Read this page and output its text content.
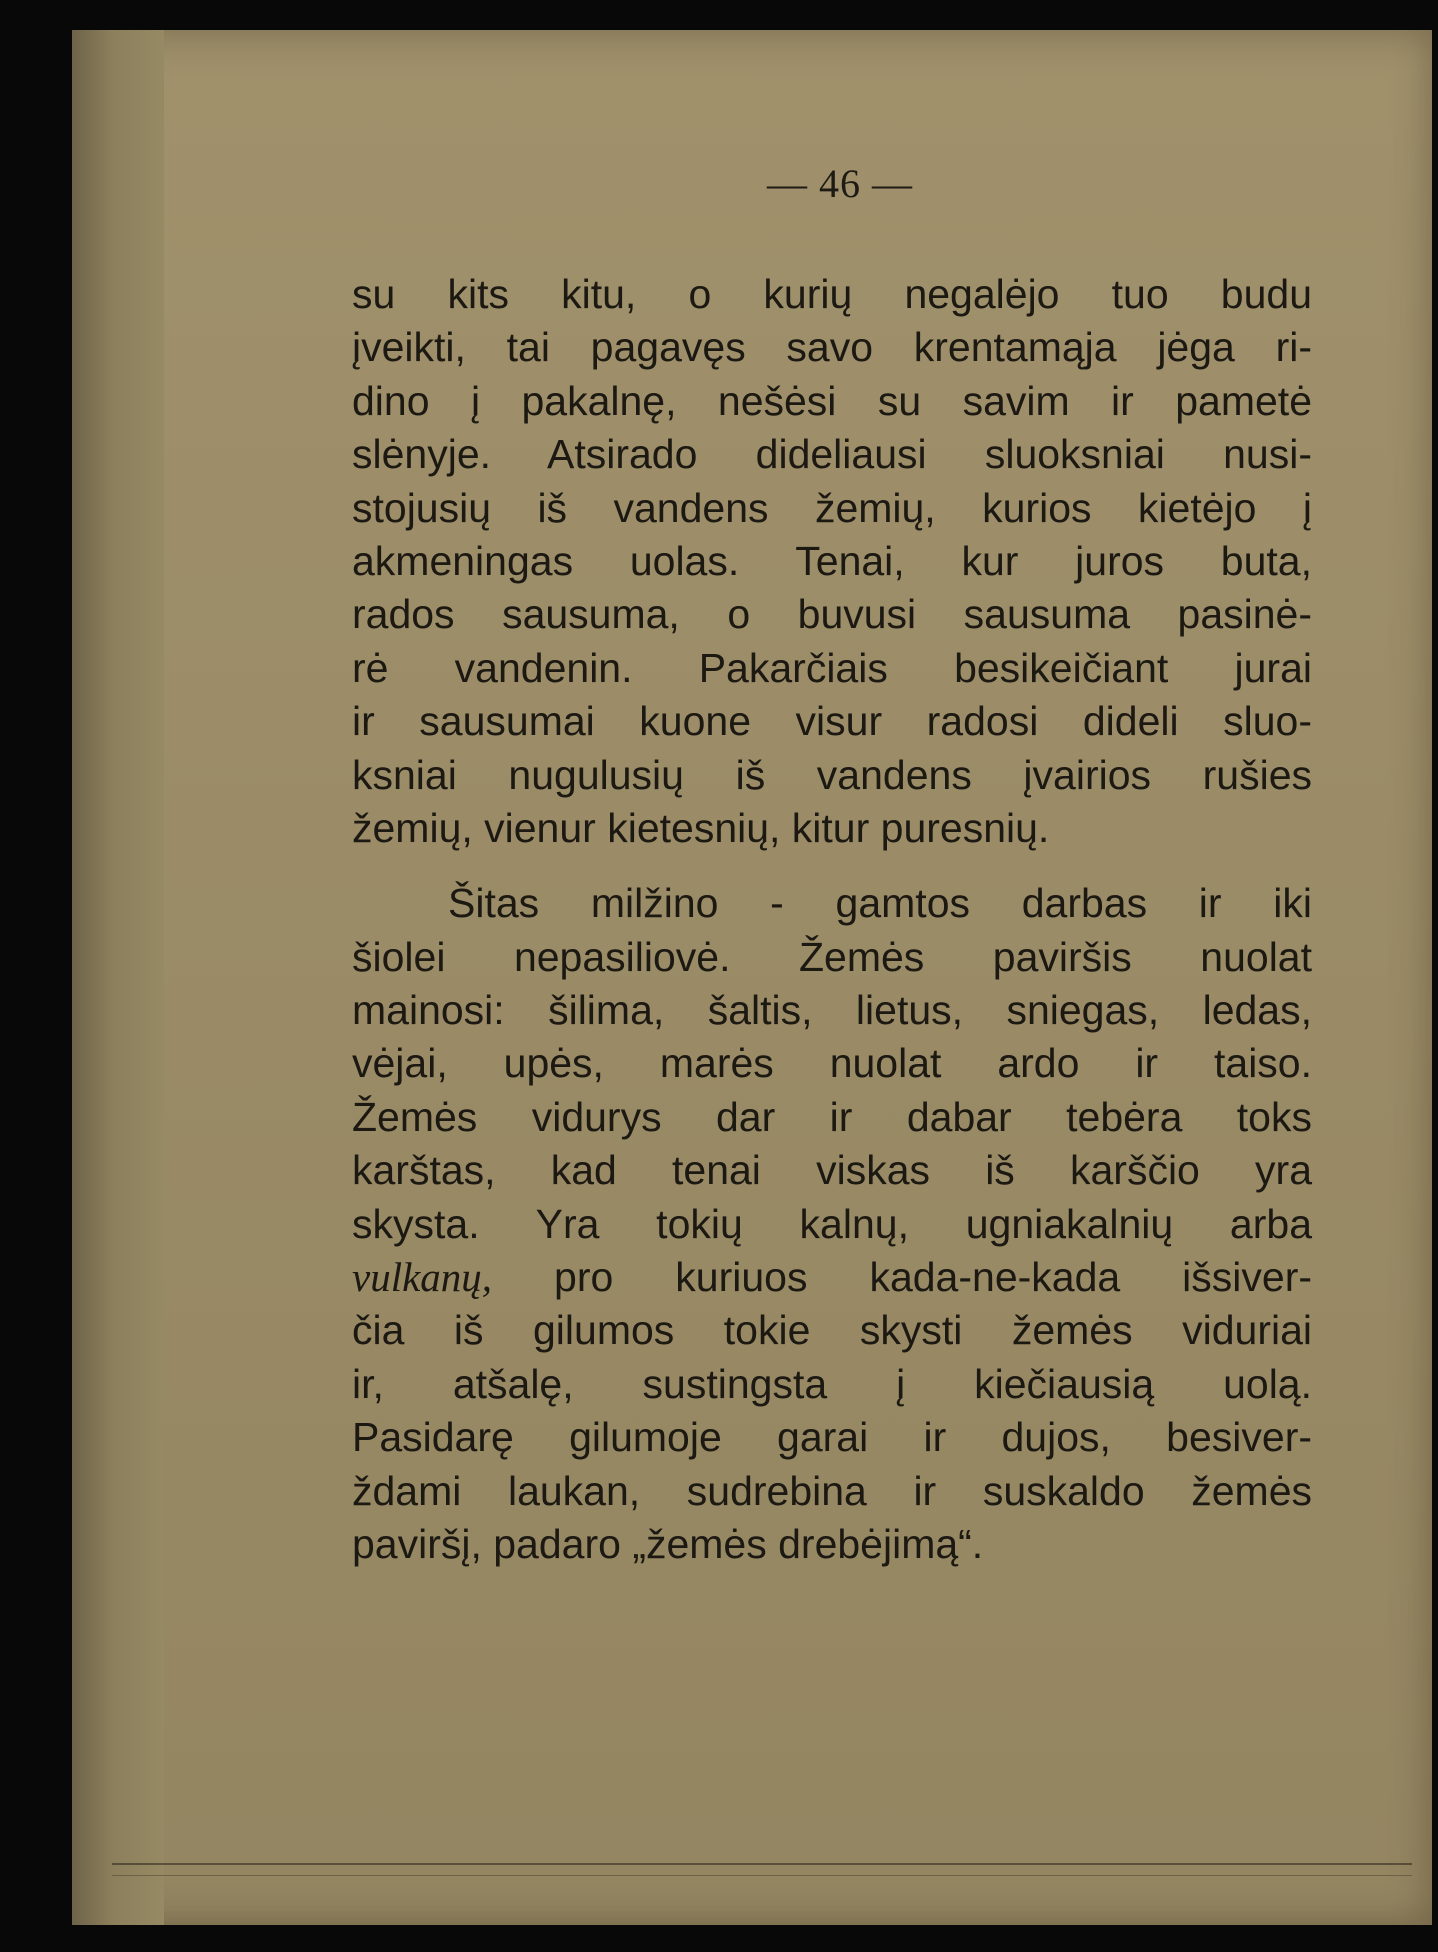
— 46 —
su kits kitu, o kurių negalėjo tuo budu
įveikti, tai pagavęs savo krentamąja jėga ri-
dino į pakalnę, nešėsi su savim ir pametė
slėnyje. Atsirado dideliausi sluoksniai nusi-
stojusių iš vandens žemių, kurios kietėjo į
akmeningas uolas. Tenai, kur juros buta,
rados sausuma, o buvusi sausuma pasinė-
rė vandenin. Pakarčiais besikeičiant jurai
ir sausumai kuone visur radosi dideli sluo-
ksniai nugulusių iš vandens įvairios rušies
žemių, vienur kietesnių, kitur puresnių.
Šitas milžino - gamtos darbas ir iki
šiolei nepasiliovė. Žemės paviršis nuolat
mainosi: šilima, šaltis, lietus, sniegas, ledas,
vėjai, upės, marės nuolat ardo ir taiso.
Žemės vidurys dar ir dabar tebėra toks
karštas, kad tenai viskas iš karščio yra
skysta. Yra tokių kalnų, ugniakalnių arba
vulkanų, pro kuriuos kada-ne-kada išsiver-
čia iš gilumos tokie skysti žemės viduriai
ir, atšalę, sustingsta į kiečiausią uolą.
Pasidarę gilumoje garai ir dujos, besiver-
ždami laukan, sudrebina ir suskaldo žemės
paviršį, padaro „žemės drebėjimą“.
